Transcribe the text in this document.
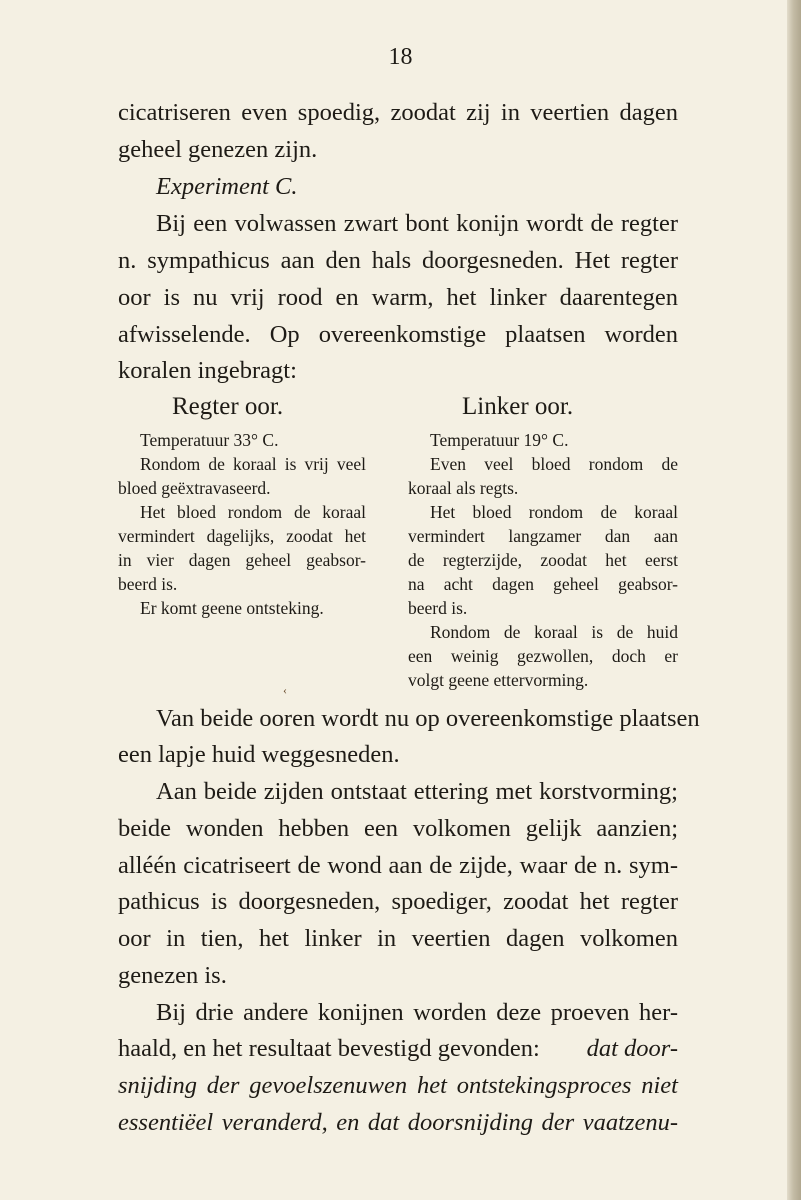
18
cicatriseren even spoedig, zoodat zij in veertien dagen
geheel genezen zijn.
Experiment C.
Bij een volwassen zwart bont konijn wordt de regter
n. sympathicus aan den hals doorgesneden. Het regter
oor is nu vrij rood en warm, het linker daarentegen
afwisselende. Op overeenkomstige plaatsen worden
koralen ingebragt:
Regter oor.	Linker oor.
Temperatuur 33° C.
Rondom de koraal is vrij veel
bloed geëxtravaseerd.
Het bloed rondom de koraal
vermindert dagelijks, zoodat het
in vier dagen geheel geabsor-
beerd is.
Er komt geene ontsteking.
Temperatuur 19° C.
Even veel bloed rondom de
koraal als regts.
Het bloed rondom de koraal
vermindert langzamer dan aan
de regterzijde, zoodat het eerst
na acht dagen geheel geabsor-
beerd is.
Rondom de koraal is de huid
een weinig gezwollen, doch er
volgt geene ettervorming.
‹
Van beide ooren wordt nu op overeenkomstige plaatsen
een lapje huid weggesneden.
Aan beide zijden ontstaat ettering met korstvorming;
beide wonden hebben een volkomen gelijk aanzien;
alléén cicatriseert de wond aan de zijde, waar de n. sym-
pathicus is doorgesneden, spoediger, zoodat het regter
oor in tien, het linker in veertien dagen volkomen
genezen is.
Bij drie andere konijnen worden deze proeven her-
haald, en het resultaat bevestigd gevonden: dat door-
snijding der gevoelszenuwen het ontstekingsproces niet
essentiëel veranderd, en dat doorsnijding der vaatzenu-
